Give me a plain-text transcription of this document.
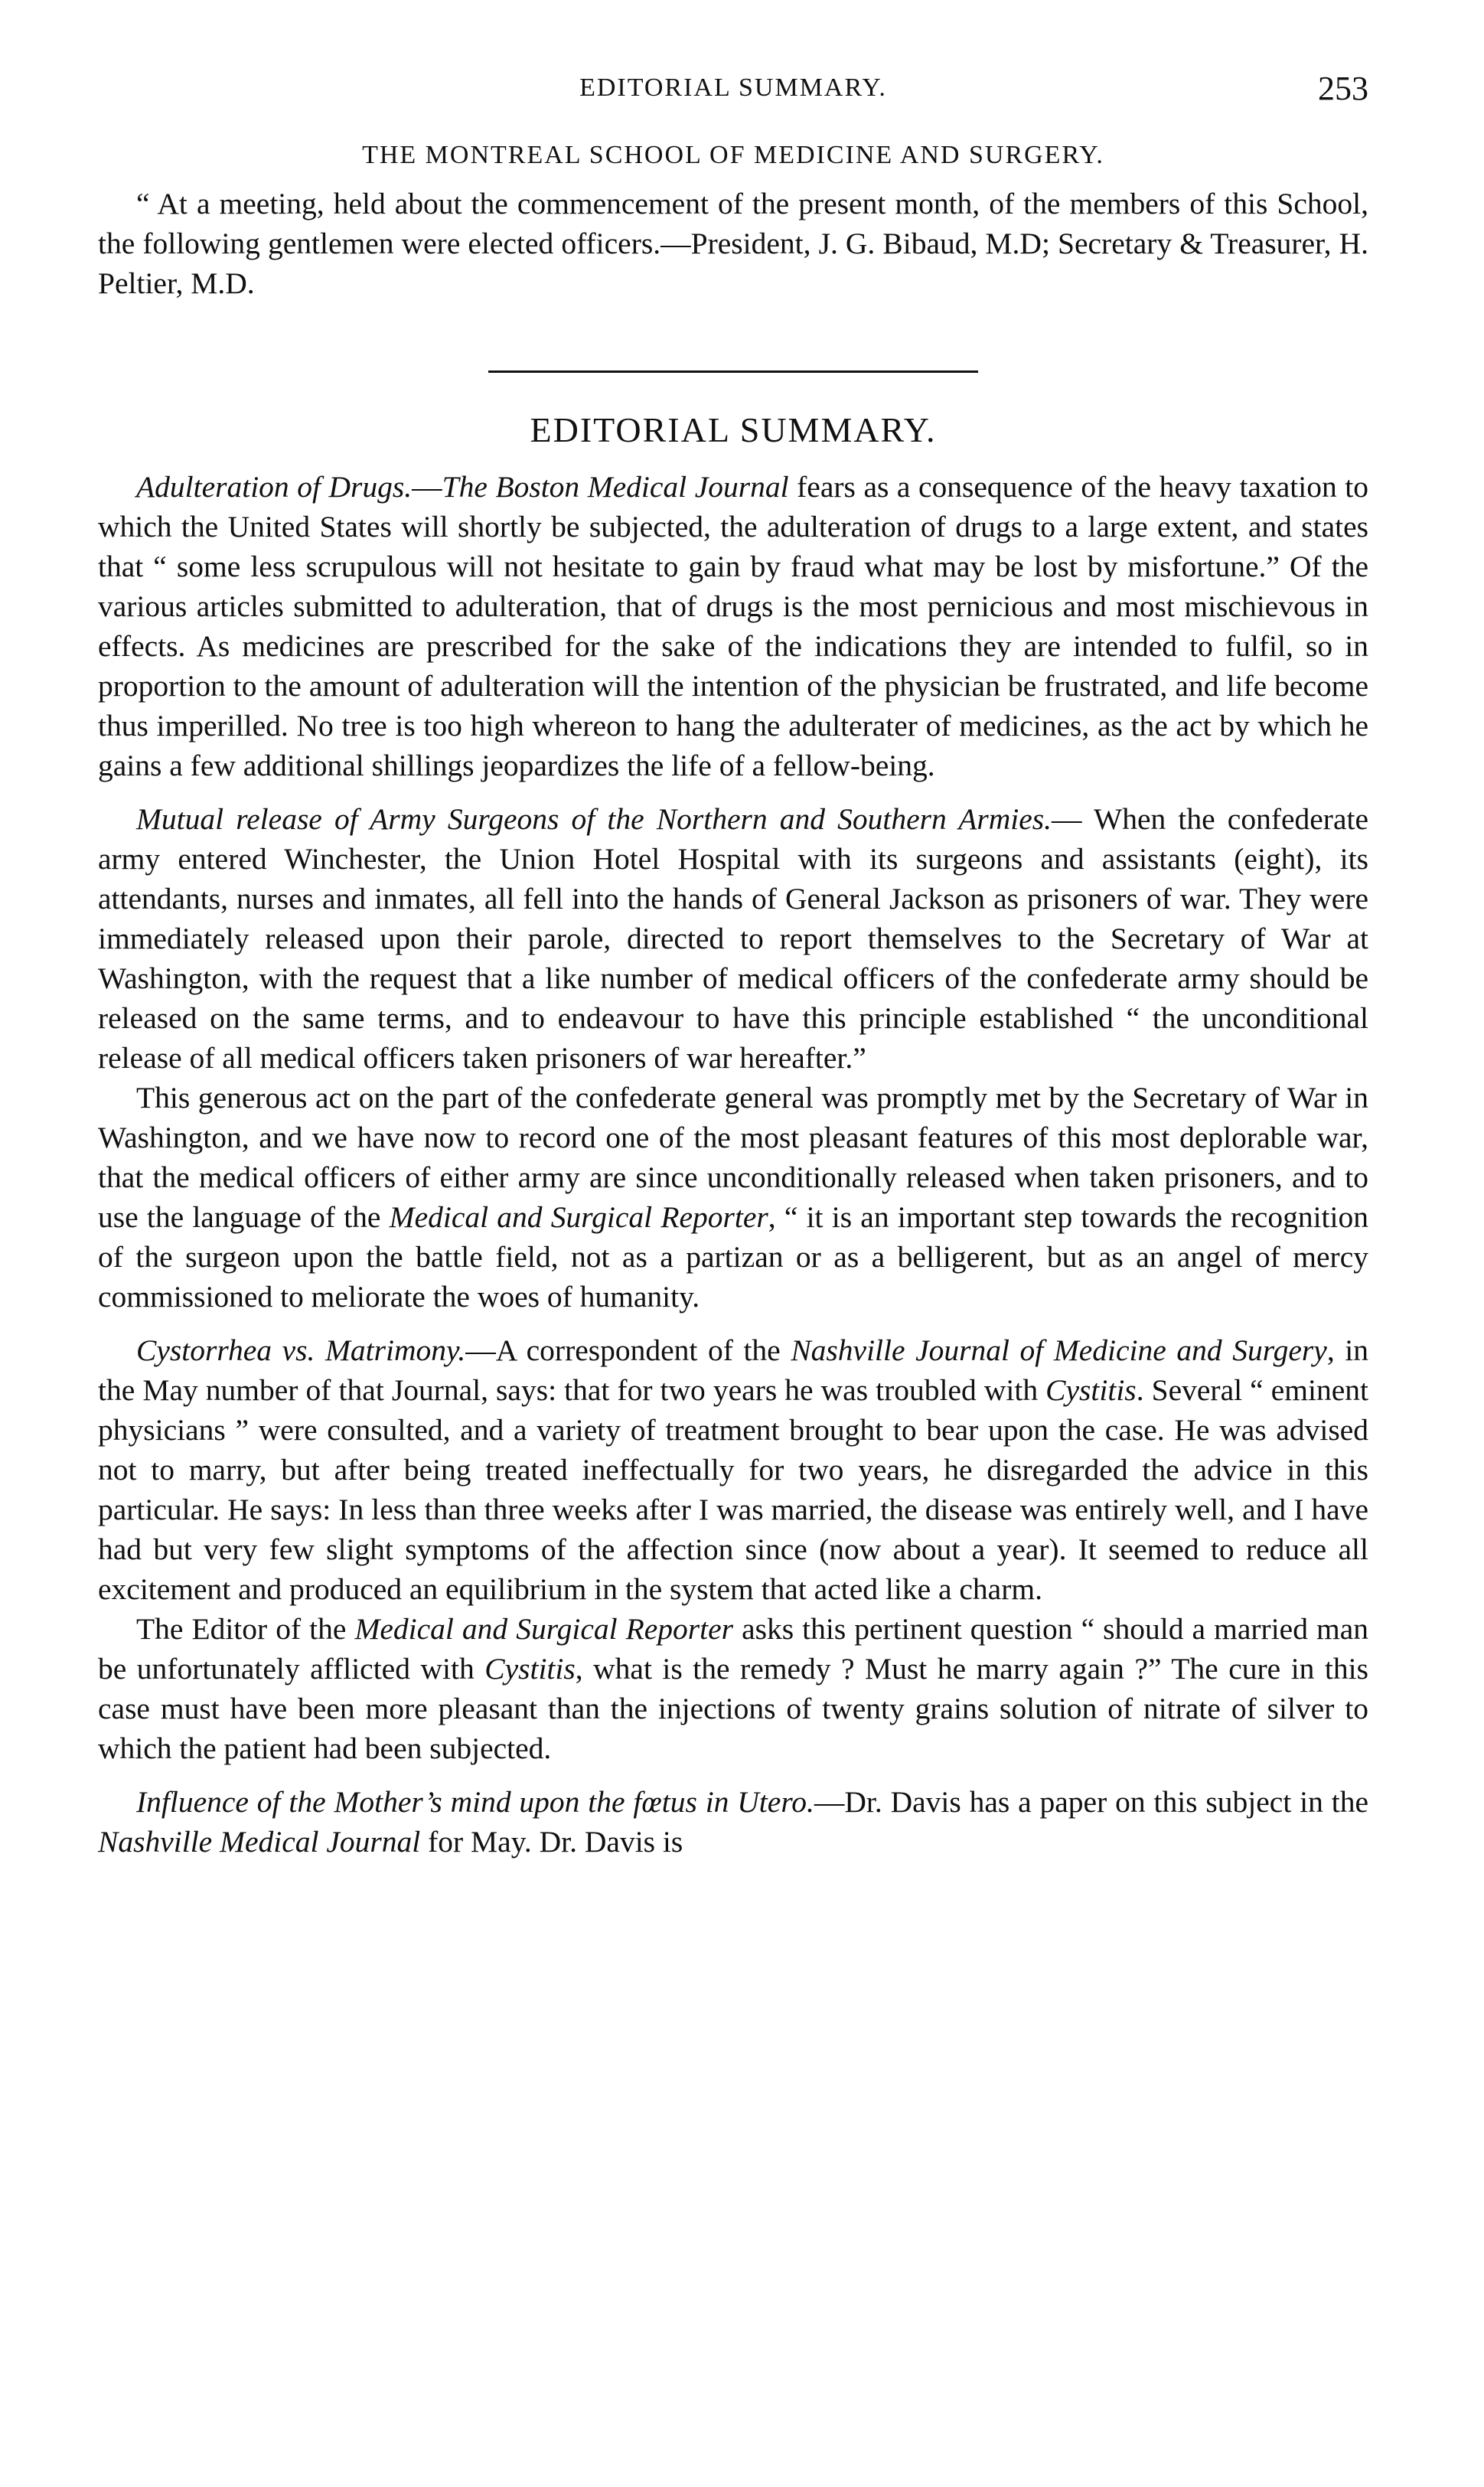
EDITORIAL SUMMARY.	253
THE MONTREAL SCHOOL OF MEDICINE AND SURGERY.

“ At a meeting, held about the commencement of the present month, of the members of this School, the following gentlemen were elected officers.—President, J. G. Bibaud, M.D; Secretary & Treasurer, H. Peltier, M.D.

EDITORIAL SUMMARY.

Adulteration of Drugs.—The Boston Medical Journal fears as a consequence of the heavy taxation to which the United States will shortly be subjected, the adulteration of drugs to a large extent, and states that “ some less scrupulous will not hesitate to gain by fraud what may be lost by misfortune.” Of the various articles submitted to adulteration, that of drugs is the most pernicious and most mischievous in effects. As medicines are prescribed for the sake of the indications they are intended to fulfil, so in proportion to the amount of adulteration will the intention of the physician be frustrated, and life become thus imperilled. No tree is too high whereon to hang the adulterater of medicines, as the act by which he gains a few additional shillings jeopardizes the life of a fellow-being.

Mutual release of Army Surgeons of the Northern and Southern Armies.— When the confederate army entered Winchester, the Union Hotel Hospital with its surgeons and assistants (eight), its attendants, nurses and inmates, all fell into the hands of General Jackson as prisoners of war. They were immediately released upon their parole, directed to report themselves to the Secretary of War at Washington, with the request that a like number of medical officers of the confederate army should be released on the same terms, and to endeavour to have this principle established “ the unconditional release of all medical officers taken prisoners of war hereafter.”

This generous act on the part of the confederate general was promptly met by the Secretary of War in Washington, and we have now to record one of the most pleasant features of this most deplorable war, that the medical officers of either army are since unconditionally released when taken prisoners, and to use the language of the Medical and Surgical Reporter, “ it is an important step towards the recognition of the surgeon upon the battle field, not as a partizan or as a belligerent, but as an angel of mercy commissioned to meliorate the woes of humanity.

Cystorrhea vs. Matrimony.—A correspondent of the Nashville Journal of Medicine and Surgery, in the May number of that Journal, says: that for two years he was troubled with Cystitis. Several “ eminent physicians ” were consulted, and a variety of treatment brought to bear upon the case. He was advised not to marry, but after being treated ineffectually for two years, he disregarded the advice in this particular. He says: In less than three weeks after I was married, the disease was entirely well, and I have had but very few slight symptoms of the affection since (now about a year). It seemed to reduce all excitement and produced an equilibrium in the system that acted like a charm.

The Editor of the Medical and Surgical Reporter asks this pertinent question “ should a married man be unfortunately afflicted with Cystitis, what is the remedy ? Must he marry again ?” The cure in this case must have been more pleasant than the injections of twenty grains solution of nitrate of silver to which the patient had been subjected.

Influence of the Mother’s mind upon the fœtus in Utero.—Dr. Davis has a paper on this subject in the Nashville Medical Journal for May. Dr. Davis is
